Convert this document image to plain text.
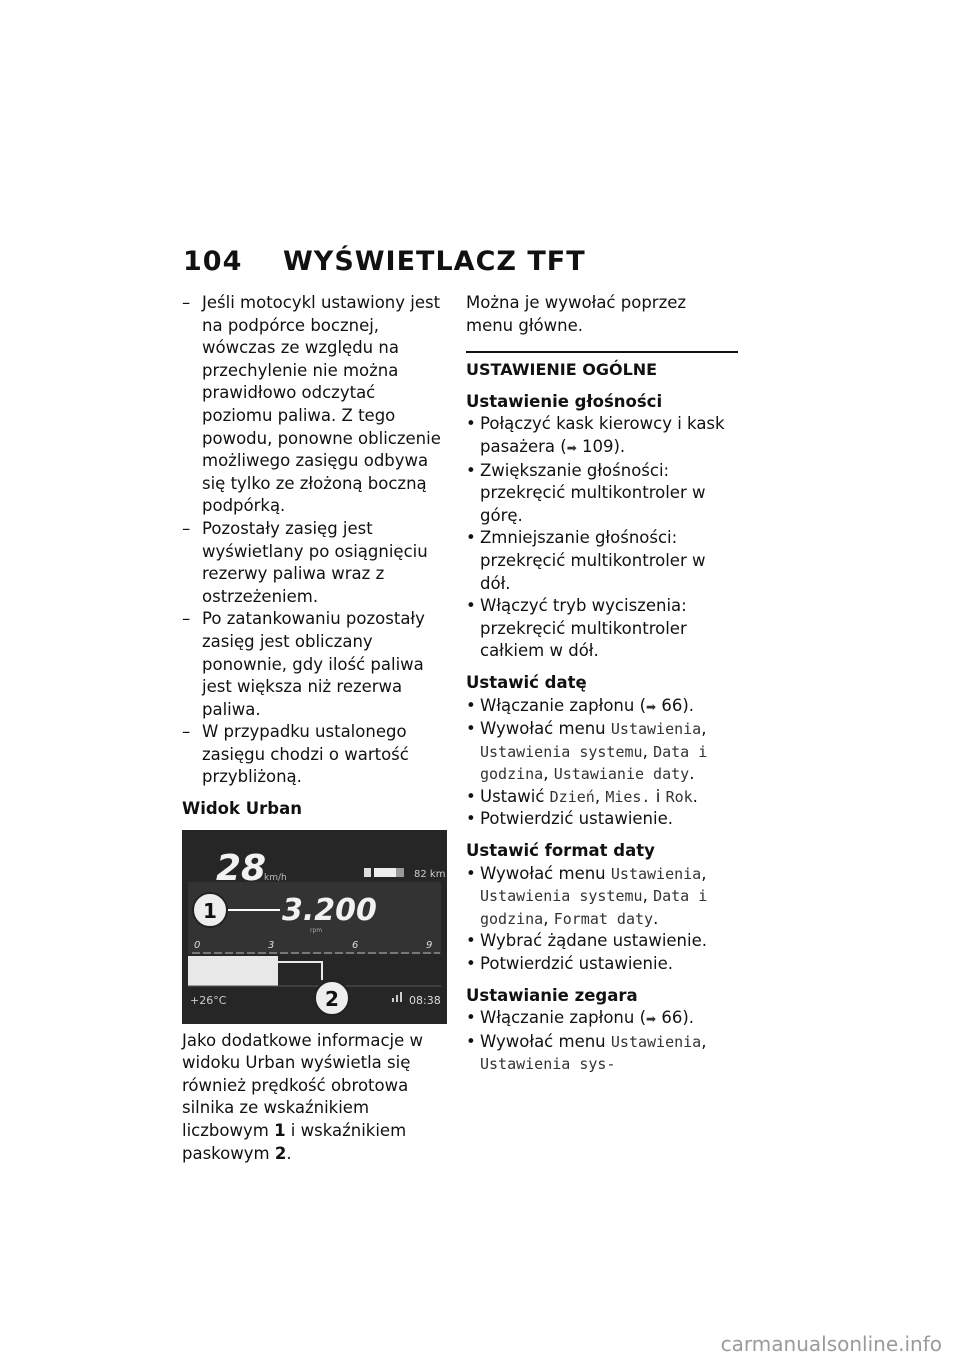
104 WYŚWIETLACZ TFT
– Jeśli motocykl ustawiony jest na podpórce bocznej, wówczas ze względu na przechylenie nie można prawidłowo odczytać poziomu paliwa. Z tego powodu, ponowne obliczenie możliwego zasięgu odbywa się tylko ze złożoną boczną podpórką.
– Pozostały zasięg jest wyświetlany po osiągnięciu rezerwy paliwa wraz z ostrzeżeniem.
– Po zatankowaniu pozostały zasięg jest obliczany ponownie, gdy ilość paliwa jest większa niż rezerwa paliwa.
– W przypadku ustalonego zasięgu chodzi o wartość przybliżoną.
Widok Urban
28
km/h	82 km
3.200
rpm
0	3	6	9
+26°C	08:38
1
2
Jako dodatkowe informacje w widoku Urban wyświetla się również prędkość obrotowa silnika ze wskaźnikiem liczbowym 1 i wskaźnikiem paskowym 2.
Można je wywołać poprzez menu główne.
USTAWIENIE OGÓLNE
Ustawienie głośności
• Połączyć kask kierowcy i kask pasażera (➡ 109).
• Zwiększanie głośności: przekręcić multikontroler w górę.
• Zmniejszanie głośności: przekręcić multikontroler w dół.
• Włączyć tryb wyciszenia: przekręcić multikontroler całkiem w dół.
Ustawić datę
• Włączanie zapłonu (➡ 66).
• Wywołać menu Ustawienia, Ustawienia systemu, Data i godzina, Ustawianie daty.
• Ustawić Dzień, Mies. i Rok.
• Potwierdzić ustawienie.
Ustawić format daty
• Wywołać menu Ustawienia, Ustawienia systemu, Data i godzina, Format daty.
• Wybrać żądane ustawienie.
• Potwierdzić ustawienie.
Ustawianie zegara
• Włączanie zapłonu (➡ 66).
• Wywołać menu Ustawienia, Ustawienia sys-
carmanualsonline.info
